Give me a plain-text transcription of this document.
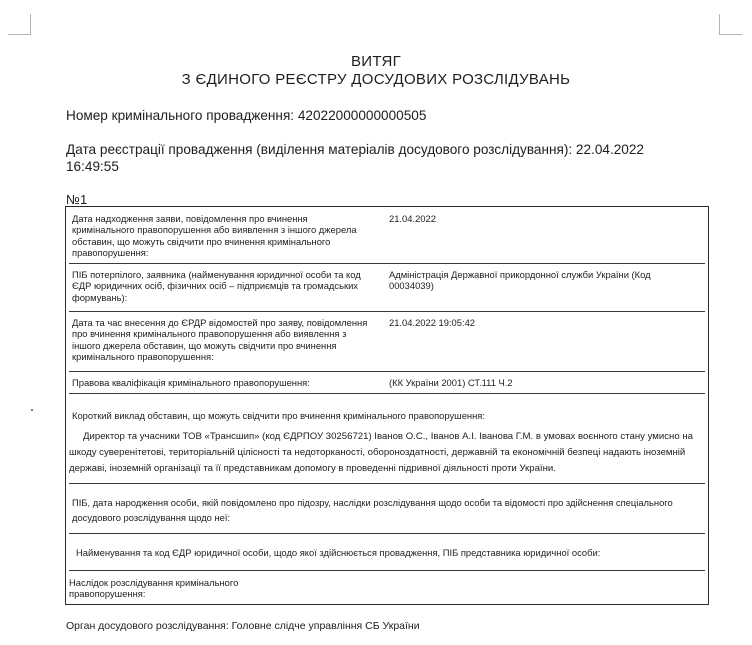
ВИТЯГ
З ЄДИНОГО РЕЄСТРУ ДОСУДОВИХ РОЗСЛІДУВАНЬ
Номер кримінального провадження: 42022000000000505
Дата реєстрації провадження (виділення матеріалів досудового розслідування): 22.04.2022 16:49:55
№1
Дата надходження заяви, повідомлення про вчинення кримінального правопорушення або виявлення з іншого джерела обставин, що можуть свідчити про вчинення кримінального правопорушення:
21.04.2022
ПІБ потерпілого, заявника (найменування юридичної особи та код ЄДР юридичних осіб, фізичних осіб – підприємців та громадських формувань):
Адміністрація Державної прикордонної служби України (Код 00034039)
Дата та час внесення до ЄРДР відомостей про заяву, повідомлення про вчинення кримінального правопорушення або виявлення з іншого джерела обставин, що можуть свідчити про вчинення кримінального правопорушення:
21.04.2022 19:05:42
Правова кваліфікація кримінального правопорушення:	(КК України 2001) СТ.111 Ч.2
Короткий виклад обставин, що можуть свідчити про вчинення кримінального правопорушення:
Директор та учасники ТОВ «Трансшип» (код ЄДРПОУ 30256721) Іванов О.С., Іванов А.І. Іванова Г.М. в умовах воєнного стану умисно на шкоду суверенітетові, територіальній цілісності та недоторканості, обороноздатності, державній та економічній безпеці надають іноземній державі, іноземній організації та її представникам допомогу в проведенні підривної діяльності проти України.
ПІБ, дата народження особи, якій повідомлено про підозру, наслідки розслідування щодо особи та відомості про здійснення спеціального досудового розслідування щодо неї:
Найменування та код ЄДР юридичної особи, щодо якої здійснюється провадження, ПІБ представника юридичної особи:
Наслідок розслідування кримінального правопорушення:
Орган досудового розслідування: Головне слідче управління СБ України
